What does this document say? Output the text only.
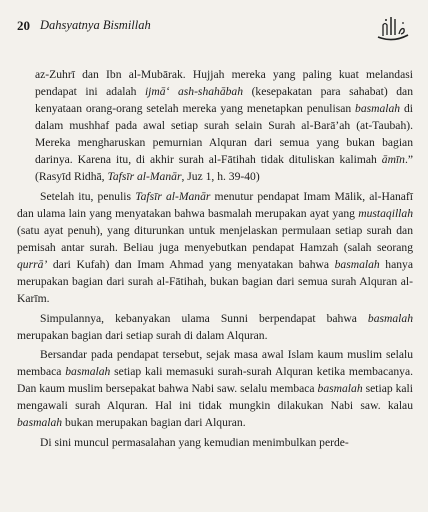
20 Dahsyatnya Bismillah

az-Zuhrī dan Ibn al-Mubārak. Hujjah mereka yang paling kuat melandasi pendapat ini adalah ijmā‘ ash-shahābah (kesepakatan para sahabat) dan kenyataan orang-orang setelah mereka yang menetapkan penulisan basmalah di dalam mushhaf pada awal setiap surah selain Surah al-Barā’ah (at-Taubah). Mereka mengharuskan pemurnian Alquran dari semua yang bukan bagian darinya. Karena itu, di akhir surah al-Fātihah tidak dituliskan kalimah āmīn.” (Rasyīd Ridhā, Tafsīr al-Manār, Juz 1, h. 39-40)

Setelah itu, penulis Tafsīr al-Manār menutur pendapat Imam Mālik, al-Hanafī dan ulama lain yang menyatakan bahwa basmalah merupakan ayat yang mustaqillah (satu ayat penuh), yang diturunkan untuk menjelaskan permulaan setiap surah dan pemisah antar surah. Beliau juga menyebutkan pendapat Hamzah (salah seorang qurrā’ dari Kufah) dan Imam Ahmad yang menyatakan bahwa basmalah hanya merupakan bagian dari surah al-Fātihah, bukan bagian dari semua surah Alquran al-Karīm.

Simpulannya, kebanyakan ulama Sunni berpendapat bahwa basmalah merupakan bagian dari setiap surah di dalam Alquran.

Bersandar pada pendapat tersebut, sejak masa awal Islam kaum muslim selalu membaca basmalah setiap kali memasuki surah-surah Alquran ketika membacanya. Dan kaum muslim bersepakat bahwa Nabi saw. selalu membaca basmalah setiap kali mengawali surah Alquran. Hal ini tidak mungkin dilakukan Nabi saw. kalau basmalah bukan merupakan bagian dari Alquran.

Di sini muncul permasalahan yang kemudian menimbulkan perde-
